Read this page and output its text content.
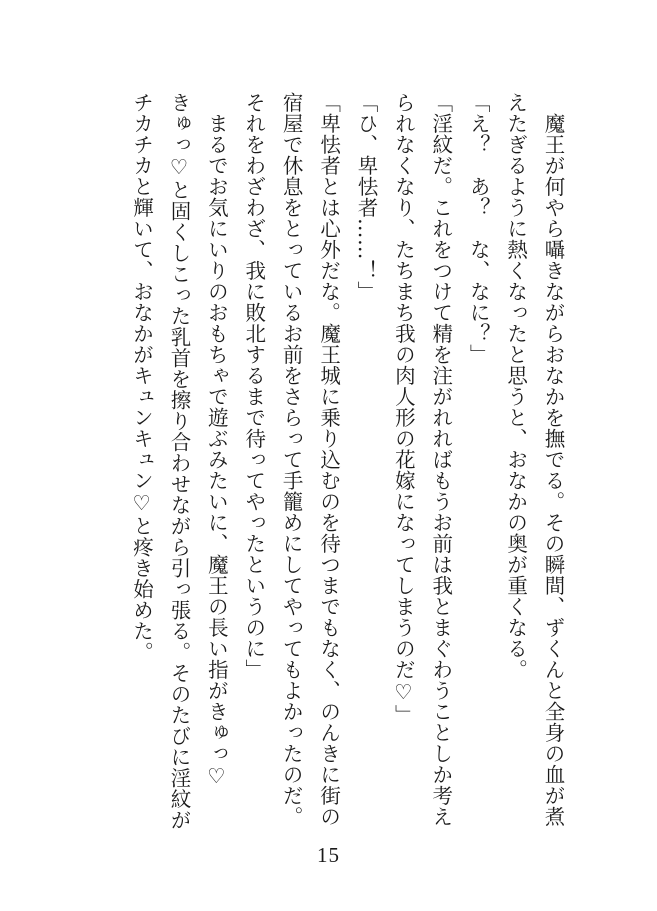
　魔王が何やら囁きながらおなかを撫でる。その瞬間、ずくんと全身の血が煮
えたぎるように熱くなったと思うと、おなかの奥が重くなる。
「え？　あ？　な、なに？」
「淫紋だ。これをつけて精を注がれればもうお前は我とまぐわうことしか考え
られなくなり、たちまち我の肉人形の花嫁になってしまうのだ♡」
「ひ、卑怯者……！」
「卑怯者とは心外だな。魔王城に乗り込むのを待つまでもなく、のんきに街の
宿屋で休息をとっているお前をさらって手籠めにしてやってもよかったのだ。
それをわざわざ、我に敗北するまで待ってやったというのに」
　まるでお気にいりのおもちゃで遊ぶみたいに、魔王の長い指がきゅっ♡
きゅっ♡と固くしこった乳首を擦り合わせながら引っ張る。そのたびに淫紋が
チカチカと輝いて、おなかがキュンキュン♡と疼き始めた。
15
